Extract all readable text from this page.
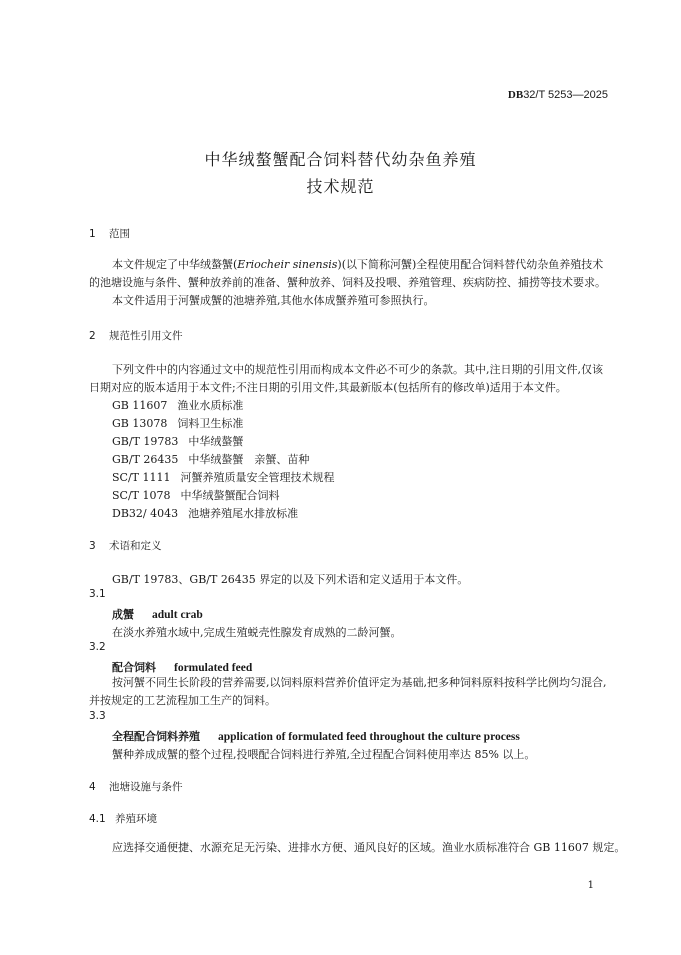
DB32/T 5253—2025
中华绒螯蟹配合饲料替代幼杂鱼养殖
技术规范
1 范围
本文件规定了中华绒螯蟹(Eriocheir sinensis)(以下简称河蟹)全程使用配合饲料替代幼杂鱼养殖技术的池塘设施与条件、蟹种放养前的准备、蟹种放养、饲料及投喂、养殖管理、疾病防控、捕捞等技术要求。
本文件适用于河蟹成蟹的池塘养殖,其他水体成蟹养殖可参照执行。
2 规范性引用文件
下列文件中的内容通过文中的规范性引用而构成本文件必不可少的条款。其中,注日期的引用文件,仅该日期对应的版本适用于本文件;不注日期的引用文件,其最新版本(包括所有的修改单)适用于本文件。
GB 11607 渔业水质标准
GB 13078 饲料卫生标准
GB/T 19783 中华绒螯蟹
GB/T 26435 中华绒螯蟹　亲蟹、苗种
SC/T 1111 河蟹养殖质量安全管理技术规程
SC/T 1078 中华绒螯蟹配合饲料
DB32/ 4043 池塘养殖尾水排放标准
3 术语和定义
GB/T 19783、GB/T 26435 界定的以及下列术语和定义适用于本文件。
3.1
成蟹 adult crab
在淡水养殖水域中,完成生殖蜕壳性腺发育成熟的二龄河蟹。
3.2
配合饲料 formulated feed
按河蟹不同生长阶段的营养需要,以饲料原料营养价值评定为基础,把多种饲料原料按科学比例均匀混合,并按规定的工艺流程加工生产的饲料。
3.3
全程配合饲料养殖 application of formulated feed throughout the culture process
蟹种养成成蟹的整个过程,投喂配合饲料进行养殖,全过程配合饲料使用率达 85% 以上。
4 池塘设施与条件
4.1 养殖环境
应选择交通便捷、水源充足无污染、进排水方便、通风良好的区域。渔业水质标准符合 GB 11607 规定。
1
